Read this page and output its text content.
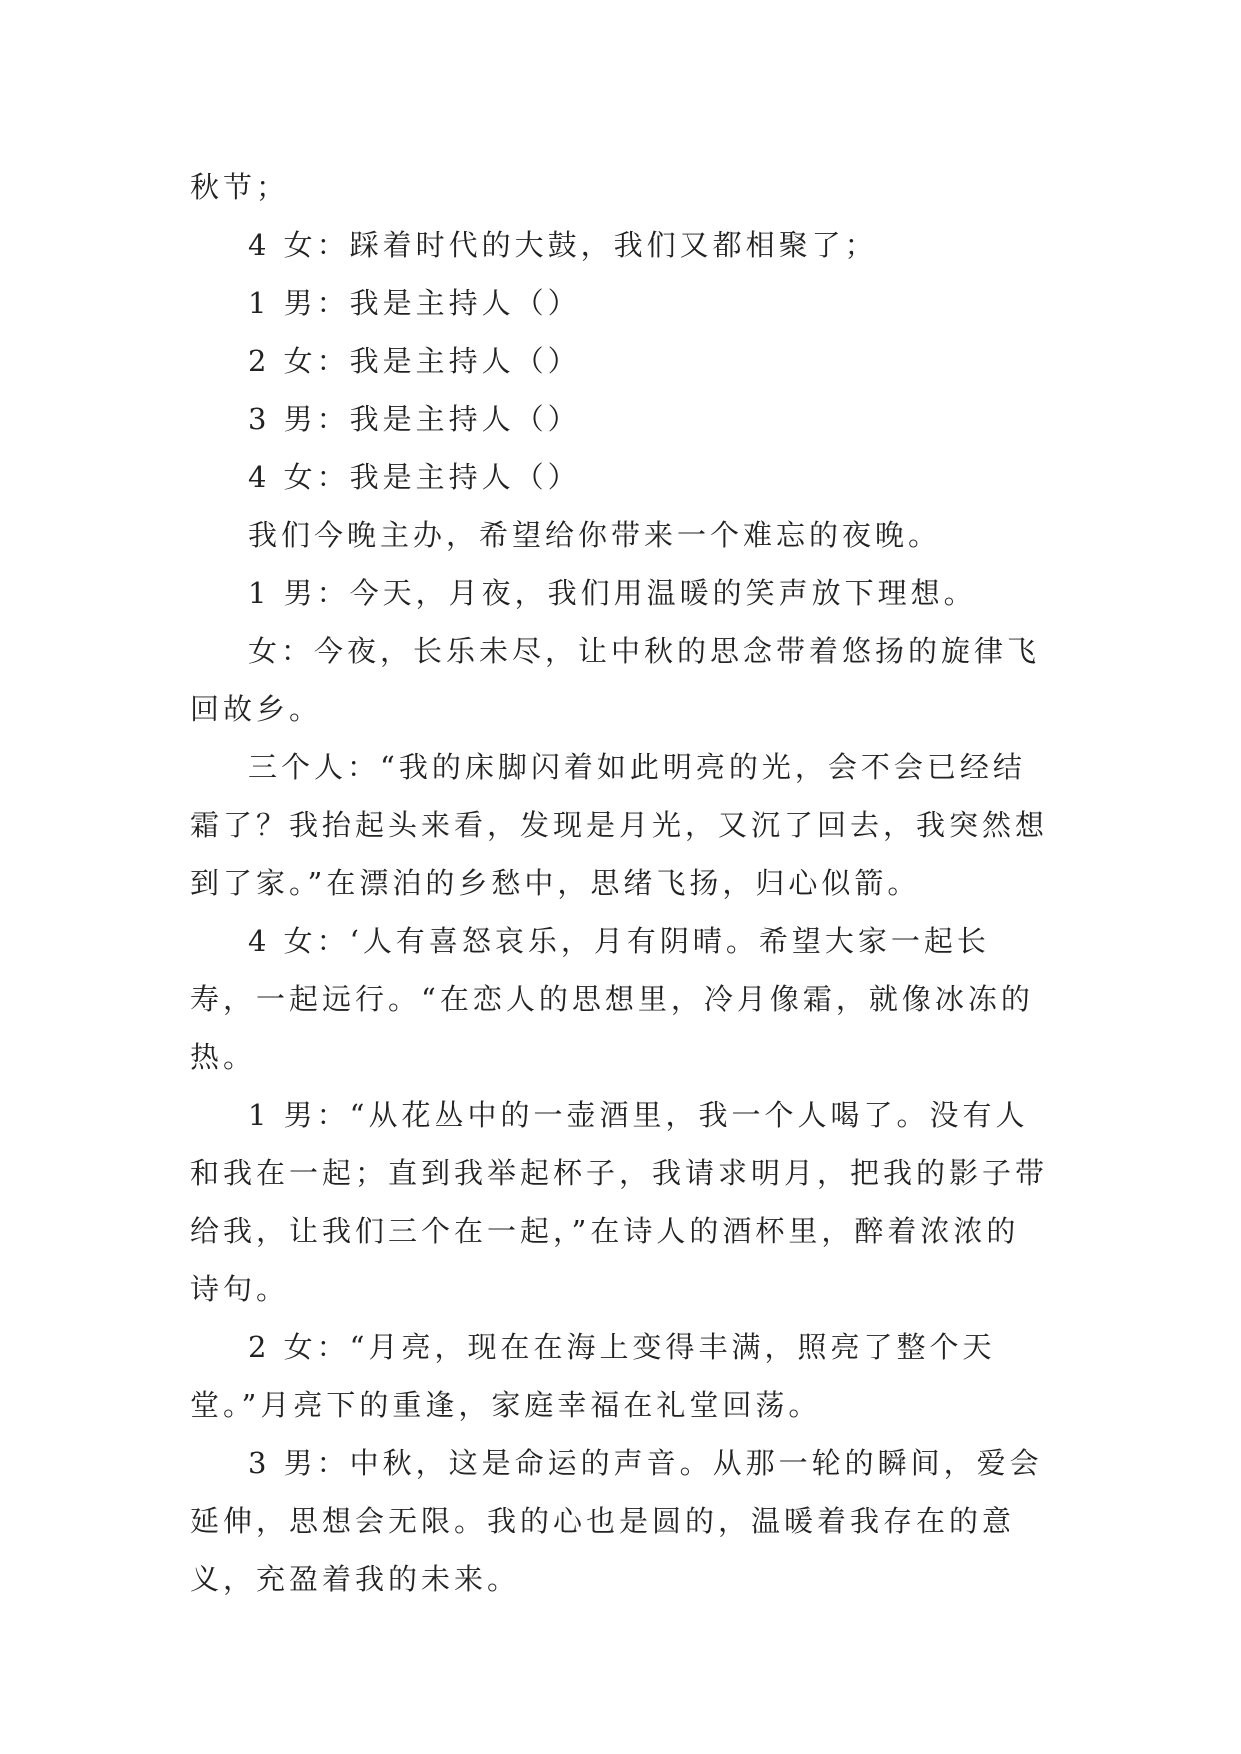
秋节；

4 女：踩着时代的大鼓，我们又都相聚了；

1 男：我是主持人（）

2 女：我是主持人（）

3 男：我是主持人（）

4 女：我是主持人（）

我们今晚主办，希望给你带来一个难忘的夜晚。

1 男：今天，月夜，我们用温暖的笑声放下理想。

女：今夜，长乐未尽，让中秋的思念带着悠扬的旋律飞回故乡。

三个人：“我的床脚闪着如此明亮的光，会不会已经结霜了？我抬起头来看，发现是月光，又沉了回去，我突然想到了家。”在漂泊的乡愁中，思绪飞扬，归心似箭。

4 女：‘人有喜怒哀乐，月有阴晴。希望大家一起长寿，一起远行。“在恋人的思想里，冷月像霜，就像冰冻的热。

1 男：“从花丛中的一壶酒里，我一个人喝了。没有人和我在一起；直到我举起杯子，我请求明月，把我的影子带给我，让我们三个在一起，”在诗人的酒杯里，醉着浓浓的诗句。

2 女：“月亮，现在在海上变得丰满，照亮了整个天堂。”月亮下的重逢，家庭幸福在礼堂回荡。

3 男：中秋，这是命运的声音。从那一轮的瞬间，爱会延伸，思想会无限。我的心也是圆的，温暖着我存在的意义，充盈着我的未来。
